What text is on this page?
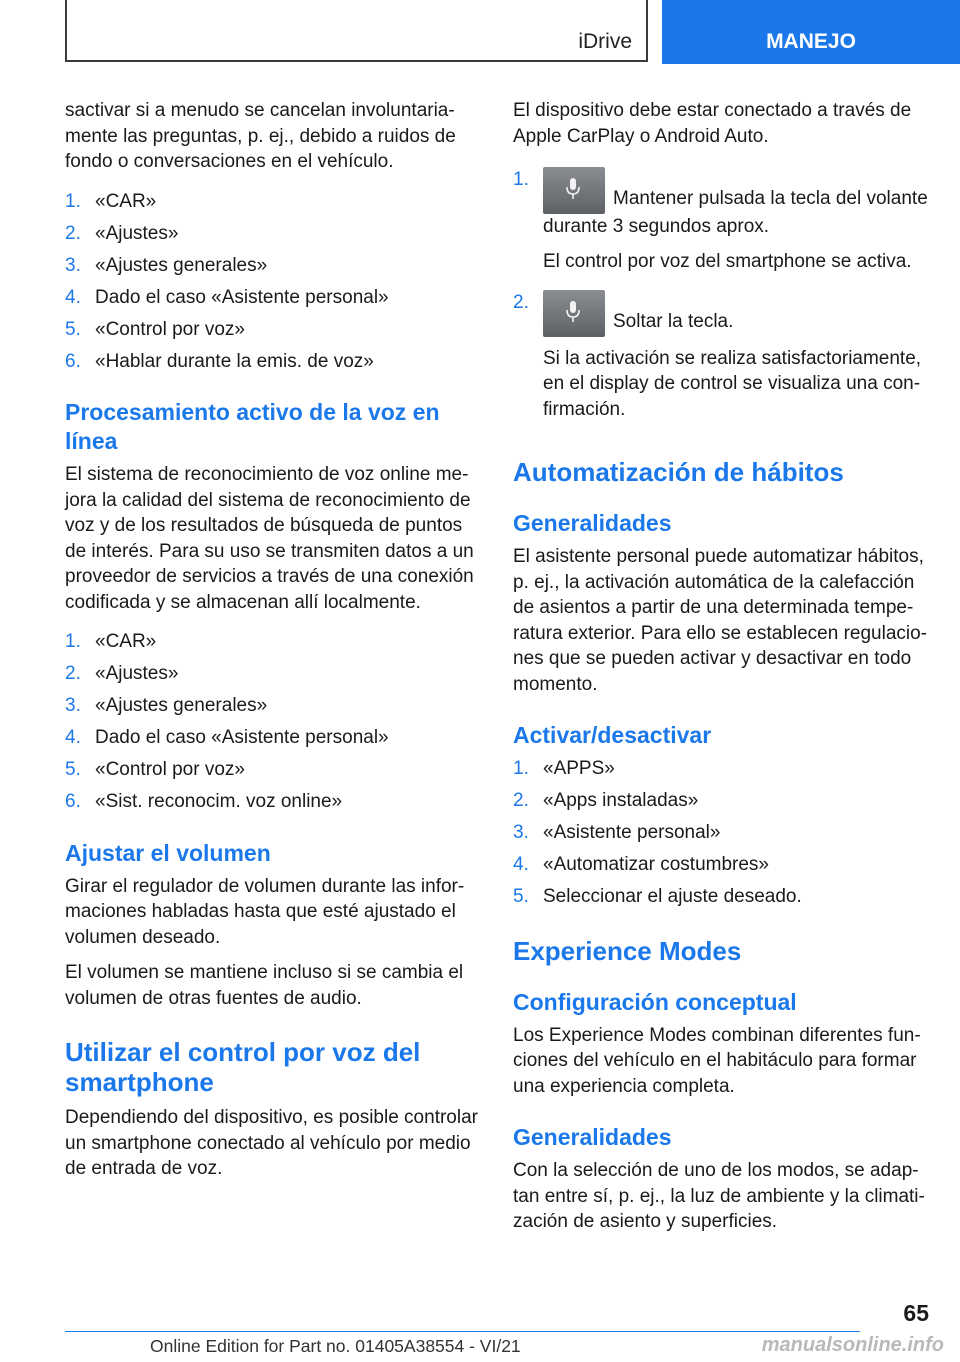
iDrive	MANEJO

sactivar si a menudo se cancelan involuntaria-mente las preguntas, p. ej., debido a ruidos de fondo o conversaciones en el vehículo.

1. «CAR»
2. «Ajustes»
3. «Ajustes generales»
4. Dado el caso «Asistente personal»
5. «Control por voz»
6. «Hablar durante la emis. de voz»
Procesamiento activo de la voz en línea

El sistema de reconocimiento de voz online me-jora la calidad del sistema de reconocimiento de voz y de los resultados de búsqueda de puntos de interés. Para su uso se transmiten datos a un proveedor de servicios a través de una conexión codificada y se almacenan allí localmente.

1. «CAR»
2. «Ajustes»
3. «Ajustes generales»
4. Dado el caso «Asistente personal»
5. «Control por voz»
6. «Sist. reconocim. voz online»
Ajustar el volumen

Girar el regulador de volumen durante las infor-maciones habladas hasta que esté ajustado el volumen deseado.

El volumen se mantiene incluso si se cambia el volumen de otras fuentes de audio.

Utilizar el control por voz del smartphone

Dependiendo del dispositivo, es posible controlar un smartphone conectado al vehículo por medio de entrada de voz.

El dispositivo debe estar conectado a través de Apple CarPlay o Android Auto.

1.

Mantener pulsada la tecla del volante durante 3 segundos aprox.

El control por voz del smartphone se activa.

2.

Soltar la tecla.

Si la activación se realiza satisfactoriamente, en el display de control se visualiza una con-firmación.

Automatización de hábitos
Generalidades

El asistente personal puede automatizar hábitos, p. ej., la activación automática de la calefacción de asientos a partir de una determinada tempe-ratura exterior. Para ello se establecen regulacio-nes que se pueden activar y desactivar en todo momento.

Activar/desactivar
1. «APPS»
2. «Apps instaladas»
3. «Asistente personal»
4. «Automatizar costumbres»
5. Seleccionar el ajuste deseado.
Experience Modes
Configuración conceptual

Los Experience Modes combinan diferentes fun-ciones del vehículo en el habitáculo para formar una experiencia completa.

Generalidades

Con la selección de uno de los modos, se adap-tan entre sí, p. ej., la luz de ambiente y la climati-zación de asiento y superficies.

65
Online Edition for Part no. 01405A38554 - VI/21	manualsonline.info
